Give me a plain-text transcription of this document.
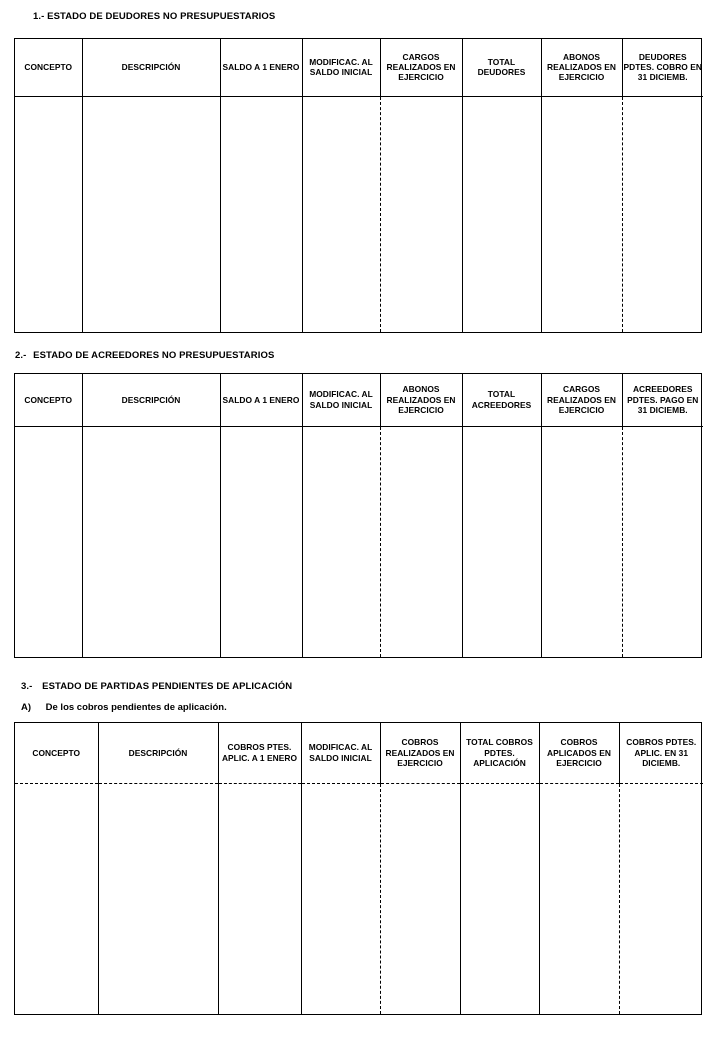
1.- ESTADO DE DEUDORES NO PRESUPUESTARIOS
CONCEPTO	DESCRIPCIÓN	SALDO A 1 ENERO	MODIFICAC. AL SALDO INICIAL	CARGOS REALIZADOS EN EJERCICIO	TOTAL DEUDORES	ABONOS REALIZADOS EN EJERCICIO	DEUDORES PDTES. COBRO EN 31 DICIEMB.

2.- ESTADO DE ACREEDORES NO PRESUPUESTARIOS
CONCEPTO	DESCRIPCIÓN	SALDO A 1 ENERO	MODIFICAC. AL SALDO INICIAL	ABONOS REALIZADOS EN EJERCICIO	TOTAL ACREEDORES	CARGOS REALIZADOS EN EJERCICIO	ACREEDORES PDTES. PAGO EN 31 DICIEMB.

3.- ESTADO DE PARTIDAS PENDIENTES DE APLICACIÓN
A) De los cobros pendientes de aplicación.
CONCEPTO	DESCRIPCIÓN	COBROS PTES. APLIC. A 1 ENERO	MODIFICAC. AL SALDO INICIAL	COBROS REALIZADOS EN EJERCICIO	TOTAL COBROS PDTES. APLICACIÓN	COBROS APLICADOS EN EJERCICIO	COBROS PDTES. APLIC. EN 31 DICIEMB.
